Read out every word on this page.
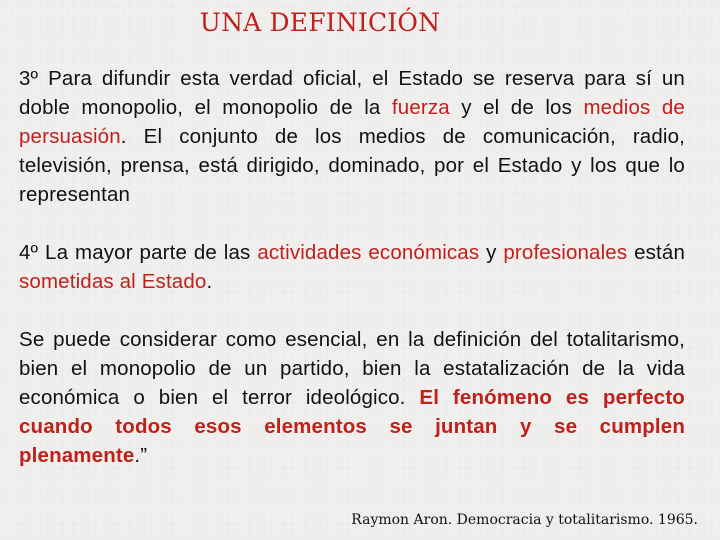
UNA DEFINICIÓN

3º Para difundir esta verdad oficial, el Estado se reserva para sí un doble monopolio, el monopolio de la fuerza y el de los medios de persuasión. El conjunto de los medios de comunicación, radio, televisión, prensa, está dirigido, dominado, por el Estado y los que lo representan

4º La mayor parte de las actividades económicas y profesionales están sometidas al Estado.

Se puede considerar como esencial, en la definición del totalitarismo, bien el monopolio de un partido, bien la estatalización de la vida económica o bien el terror ideológico. El fenómeno es perfecto cuando todos esos elementos se juntan y se cumplen plenamente.”

Raymon Aron. Democracia y totalitarismo. 1965.
